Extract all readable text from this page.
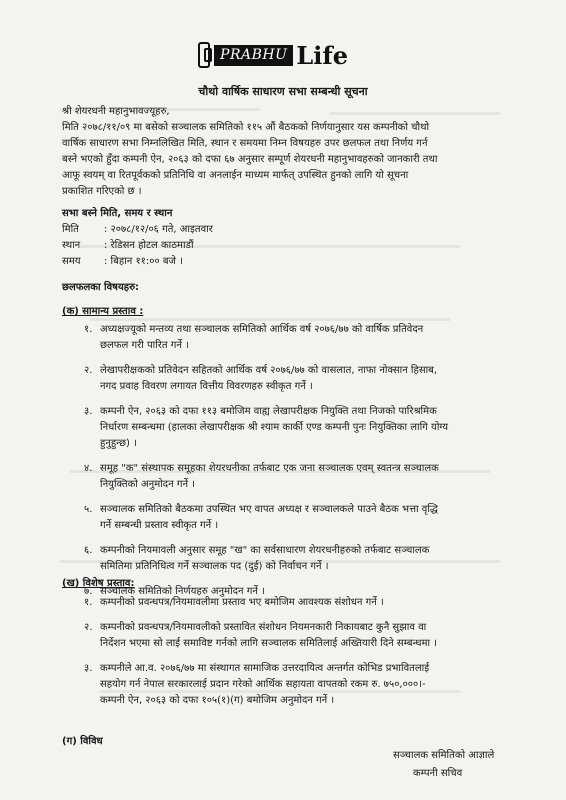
PRABHU Life
चौथो वार्षिक साधारण सभा सम्बन्धी सूचना
श्री शेयरधनी महानुभावज्यूहरु,
मिति २०७८/११/०९ मा बसेको सञ्चालक समितिको ११५ औं बैठकको निर्णयानुसार यस कम्पनीको चौथो
वार्षिक साधारण सभा निम्नलिखित मिति, स्थान र समयमा निम्न विषयहरु उपर छलफल तथा निर्णय गर्न
बस्ने भएको हुँदा कम्पनी ऐन, २०६३ को दफा ६७ अनुसार सम्पूर्ण शेयरधनी महानुभावहरुको जानकारी तथा
आफू स्वयम् वा रितपूर्वकको प्रतिनिधि वा अनलाईन माध्यम मार्फत् उपस्थित हुनको लागि यो सूचना
प्रकाशित गरिएको छ ।
सभा बस्ने मिति, समय र स्थान
मिति	: २०७८/१२/०६ गते, आइतवार
स्थान : रेडिसन होटल काठमाडौं
समय : बिहान ११:०० बजे ।
छलफलका विषयहरु:
(क) सामान्य प्रस्ताव :
१. अध्यक्षज्यूको मन्तव्य तथा सञ्चालक समितिको आर्थिक वर्ष २०७६/७७ को वार्षिक प्रतिवेदन
छलफल गरी पारित गर्ने ।
२. लेखापरीक्षकको प्रतिवेदन सहितको आर्थिक वर्ष २०७६/७७ को वासलात, नाफा नोक्सान हिसाब,
नगद प्रवाह विवरण लगायत वित्तीय विवरणहरु स्वीकृत गर्ने ।
३. कम्पनी ऐन, २०६३ को दफा ११३ बमोजिम वाह्य लेखापरीक्षक नियुक्ति तथा निजको पारिश्रमिक
निर्धारण सम्बन्धमा (हालका लेखापरीक्षक श्री श्याम कार्की एण्ड कम्पनी पुनः नियुक्तिका लागि योग्य
हुनुहुन्छ) ।
४. समूह "क" संस्थापक समूहका शेयरधनीका तर्फबाट एक जना सञ्चालक एवम् स्वतन्त्र सञ्चालक
नियुक्तिको अनुमोदन गर्ने ।
५. सञ्चालक समितिको बैठकमा उपस्थित भए वापत अध्यक्ष र सञ्चालकले पाउने बैठक भत्ता वृद्धि
गर्ने सम्बन्धी प्रस्ताव स्वीकृत गर्ने ।
६. कम्पनीको नियमावली अनुसार समूह "ख" का सर्वसाधारण शेयरधनीहरुको तर्फबाट सञ्चालक
समितिमा प्रतिनिधित्व गर्ने सञ्चालक पद (दुई) को निर्वाचन गर्ने ।
७. सञ्चालक समितिको निर्णयहरु अनुमोदन गर्ने ।
(ख) विशेष प्रस्ताव:
१. कम्पनीको प्रवन्धपत्र/नियमावलीमा प्रस्ताव भए बमोजिम आवश्यक संशोधन गर्ने ।
२. कम्पनीको प्रवन्धपत्र/नियमावलीको प्रस्तावित संशोधन नियमनकारी निकायबाट कुनै सुझाव वा
निर्देशन भएमा सो लाई समाविष्ट गर्नको लागि सञ्चालक समितिलाई अख्तियारी दिने सम्बन्धमा ।
३. कम्पनीले आ.व. २०७६/७७ मा संस्थागत सामाजिक उत्तरदायित्व अन्तर्गत कोभिड प्रभावितलाई
सहयोग गर्न नेपाल सरकारलाई प्रदान गरेको आर्थिक सहायता वापतको रकम रु. ७५०,०००।-
कम्पनी ऐन, २०६३ को दफा १०५(१)(ग) बमोजिम अनुमोदन गर्ने ।
(ग) विविध
सञ्चालक समितिको आज्ञाले
कम्पनी सचिव
